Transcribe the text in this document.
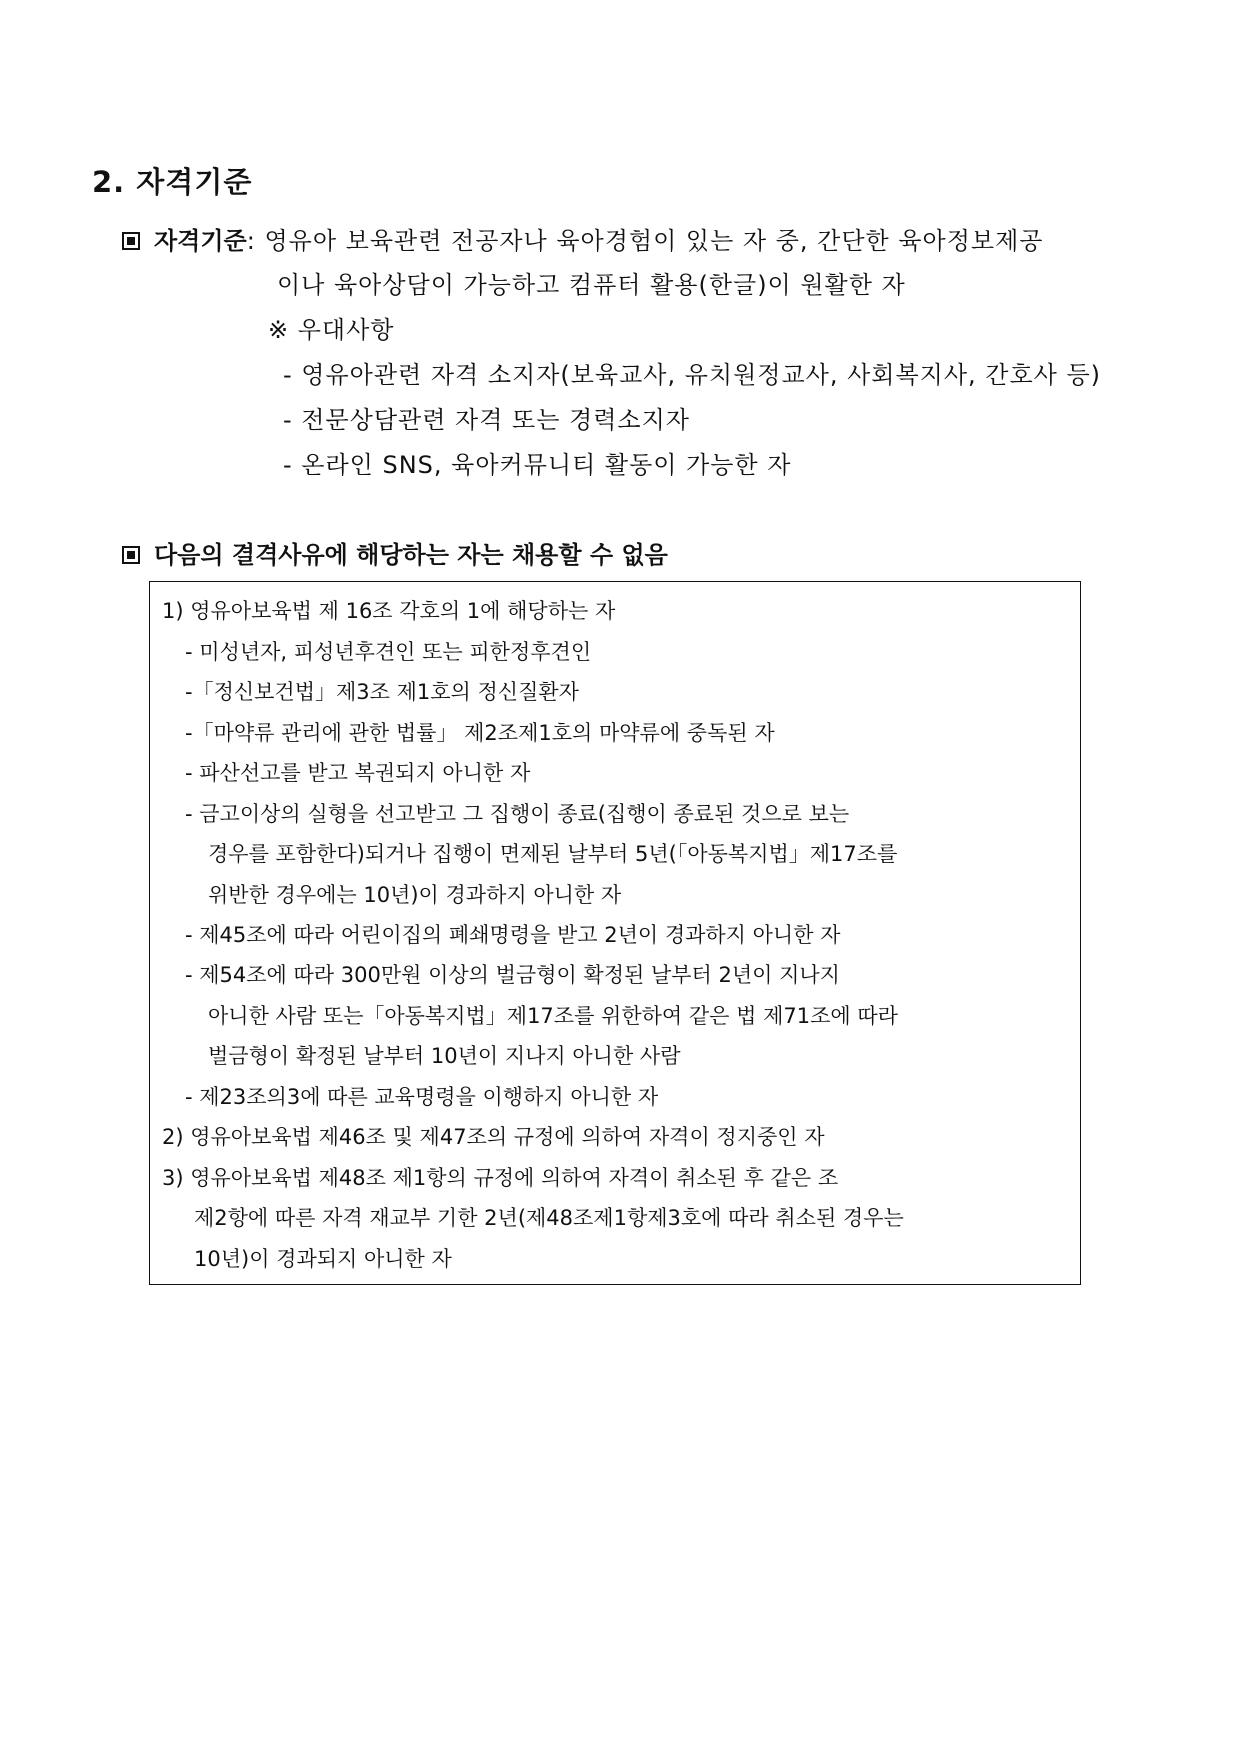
2. 자격기준
자격기준: 영유아 보육관련 전공자나 육아경험이 있는 자 중, 간단한 육아정보제공
이나 육아상담이 가능하고 컴퓨터 활용(한글)이 원활한 자
※ 우대사항
- 영유아관련 자격 소지자(보육교사, 유치원정교사, 사회복지사, 간호사 등)
- 전문상담관련 자격 또는 경력소지자
- 온라인 SNS, 육아커뮤니티 활동이 가능한 자
다음의 결격사유에 해당하는 자는 채용할 수 없음
1) 영유아보육법 제 16조 각호의 1에 해당하는 자
- 미성년자, 피성년후견인 또는 피한정후견인
-「정신보건법」제3조 제1호의 정신질환자
-「마약류 관리에 관한 법률」 제2조제1호의 마약류에 중독된 자
- 파산선고를 받고 복권되지 아니한 자
- 금고이상의 실형을 선고받고 그 집행이 종료(집행이 종료된 것으로 보는
경우를 포함한다)되거나 집행이 면제된 날부터 5년(「아동복지법」제17조를
위반한 경우에는 10년)이 경과하지 아니한 자
- 제45조에 따라 어린이집의 폐쇄명령을 받고 2년이 경과하지 아니한 자
- 제54조에 따라 300만원 이상의 벌금형이 확정된 날부터 2년이 지나지
아니한 사람 또는「아동복지법」제17조를 위한하여 같은 법 제71조에 따라
벌금형이 확정된 날부터 10년이 지나지 아니한 사람
- 제23조의3에 따른 교육명령을 이행하지 아니한 자
2) 영유아보육법 제46조 및 제47조의 규정에 의하여 자격이 정지중인 자
3) 영유아보육법 제48조 제1항의 규정에 의하여 자격이 취소된 후 같은 조
제2항에 따른 자격 재교부 기한 2년(제48조제1항제3호에 따라 취소된 경우는
10년)이 경과되지 아니한 자
